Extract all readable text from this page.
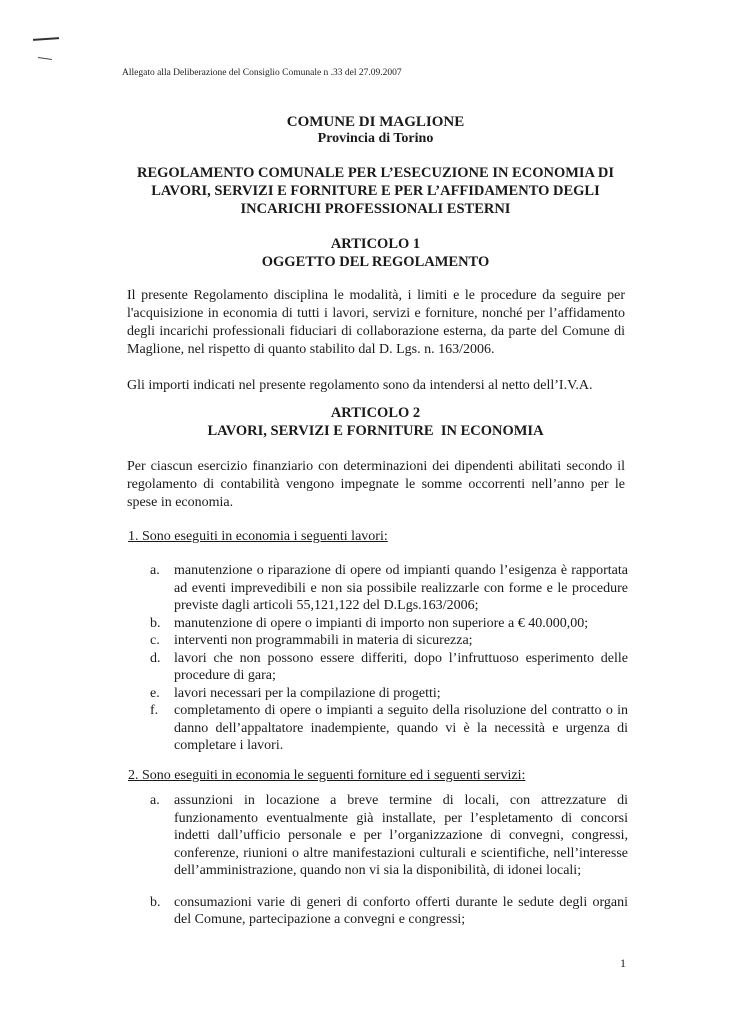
Allegato alla Deliberazione del Consiglio Comunale n .33 del 27.09.2007
COMUNE DI MAGLIONE
Provincia di Torino
REGOLAMENTO COMUNALE PER L’ESECUZIONE IN ECONOMIA DI LAVORI, SERVIZI E FORNITURE E PER L’AFFIDAMENTO DEGLI INCARICHI PROFESSIONALI ESTERNI
ARTICOLO 1
OGGETTO DEL REGOLAMENTO
Il presente Regolamento disciplina le modalità, i limiti e le procedure da seguire per l'acquisizione in economia di tutti i lavori, servizi e forniture, nonché per l’affidamento degli incarichi professionali fiduciari di collaborazione esterna, da parte del Comune di Maglione, nel rispetto di quanto stabilito dal D. Lgs. n. 163/2006.
Gli importi indicati nel presente regolamento sono da intendersi al netto dell’I.V.A.
ARTICOLO 2
LAVORI, SERVIZI E FORNITURE  IN ECONOMIA
Per ciascun esercizio finanziario con determinazioni dei dipendenti abilitati secondo il regolamento di contabilità vengono impegnate le somme occorrenti nell’anno per le spese in economia.
1. Sono eseguiti in economia i seguenti lavori:
a. manutenzione o riparazione di opere od impianti quando l’esigenza è rapportata ad eventi imprevedibili e non sia possibile realizzarle con forme e le procedure previste dagli articoli 55,121,122 del D.Lgs.163/2006;
b. manutenzione di opere o impianti di importo non superiore a € 40.000,00;
c. interventi non programmabili in materia di sicurezza;
d. lavori che non possono essere differiti, dopo l’infruttuoso esperimento delle procedure di gara;
e. lavori necessari per la compilazione di progetti;
f. completamento di opere o impianti a seguito della risoluzione del contratto o in danno dell’appaltatore inadempiente, quando vi è la necessità e urgenza di completare i lavori.
2. Sono eseguiti in economia le seguenti forniture ed i seguenti servizi:
a. assunzioni in locazione a breve termine di locali, con attrezzature di funzionamento eventualmente già installate, per l’espletamento di concorsi indetti dall’ufficio personale e per l’organizzazione di convegni, congressi, conferenze, riunioni o altre manifestazioni culturali e scientifiche, nell’interesse dell’amministrazione, quando non vi sia la disponibilità, di idonei locali;
b. consumazioni varie di generi di conforto offerti durante le sedute degli organi del Comune, partecipazione a convegni e congressi;
1
